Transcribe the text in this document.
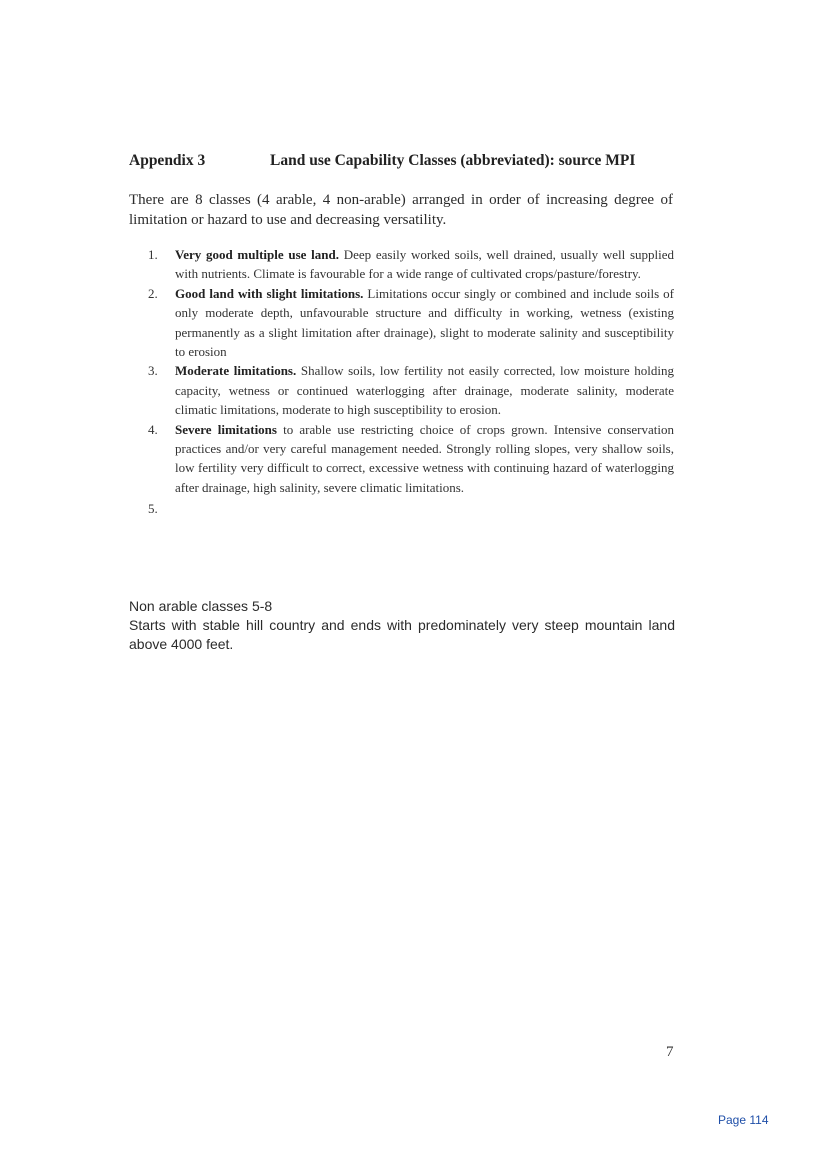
Appendix 3	Land use Capability Classes (abbreviated): source MPI

There are 8 classes (4 arable, 4 non-arable) arranged in order of increasing degree of limitation or hazard to use and decreasing versatility.

1. Very good multiple use land. Deep easily worked soils, well drained, usually well supplied with nutrients. Climate is favourable for a wide range of cultivated crops/pasture/forestry.
2. Good land with slight limitations. Limitations occur singly or combined and include soils of only moderate depth, unfavourable structure and difficulty in working, wetness (existing permanently as a slight limitation after drainage), slight to moderate salinity and susceptibility to erosion
3. Moderate limitations. Shallow soils, low fertility not easily corrected, low moisture holding capacity, wetness or continued waterlogging after drainage, moderate salinity, moderate climatic limitations, moderate to high susceptibility to erosion.
4. Severe limitations to arable use restricting choice of crops grown. Intensive conservation practices and/or very careful management needed. Strongly rolling slopes, very shallow soils, low fertility very difficult to correct, excessive wetness with continuing hazard of waterlogging after drainage, high salinity, severe climatic limitations.
5.
Non arable classes 5-8
Starts with stable hill country and ends with predominately very steep mountain land above 4000 feet.
7
Page 114
